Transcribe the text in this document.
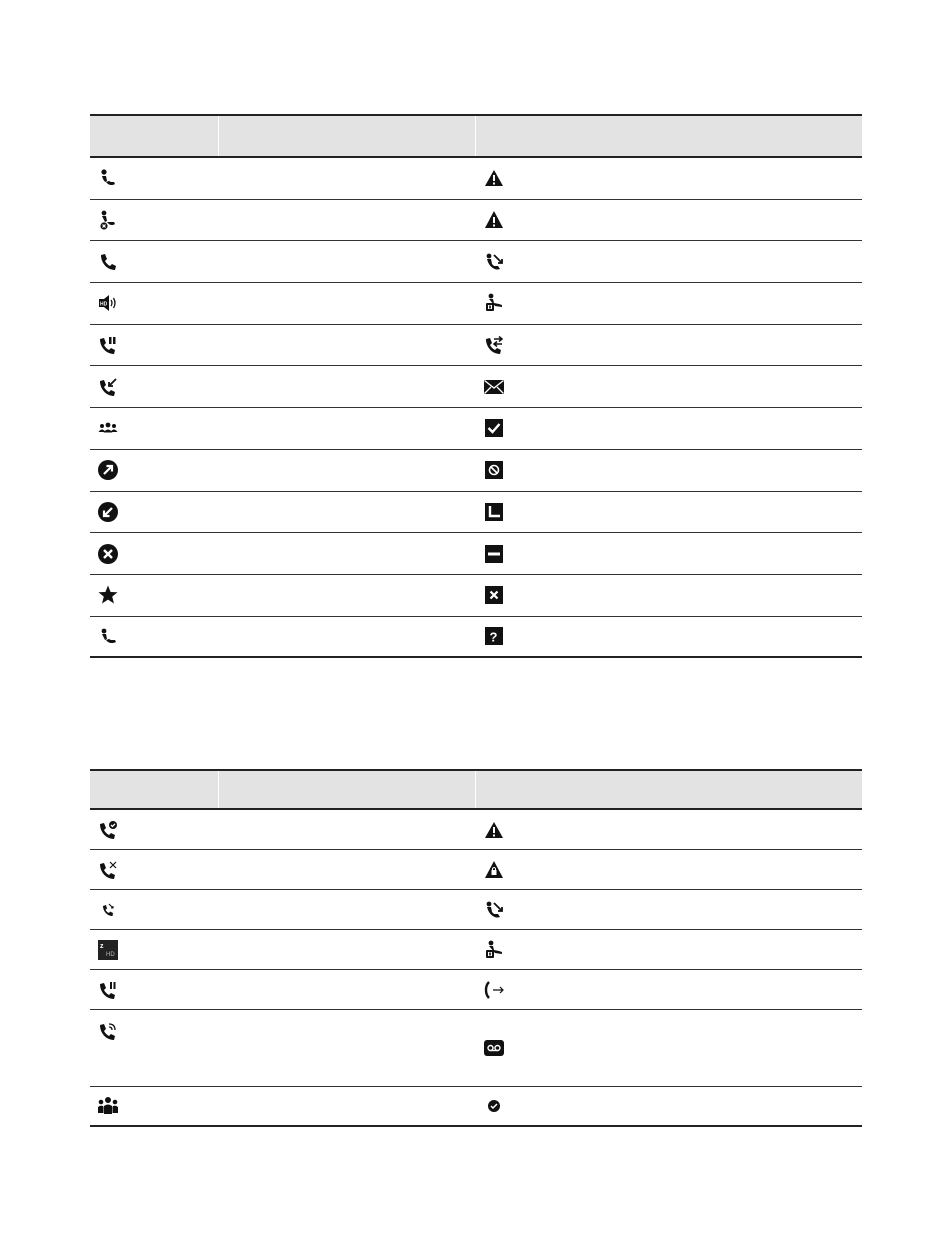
HD
?
z
HD
